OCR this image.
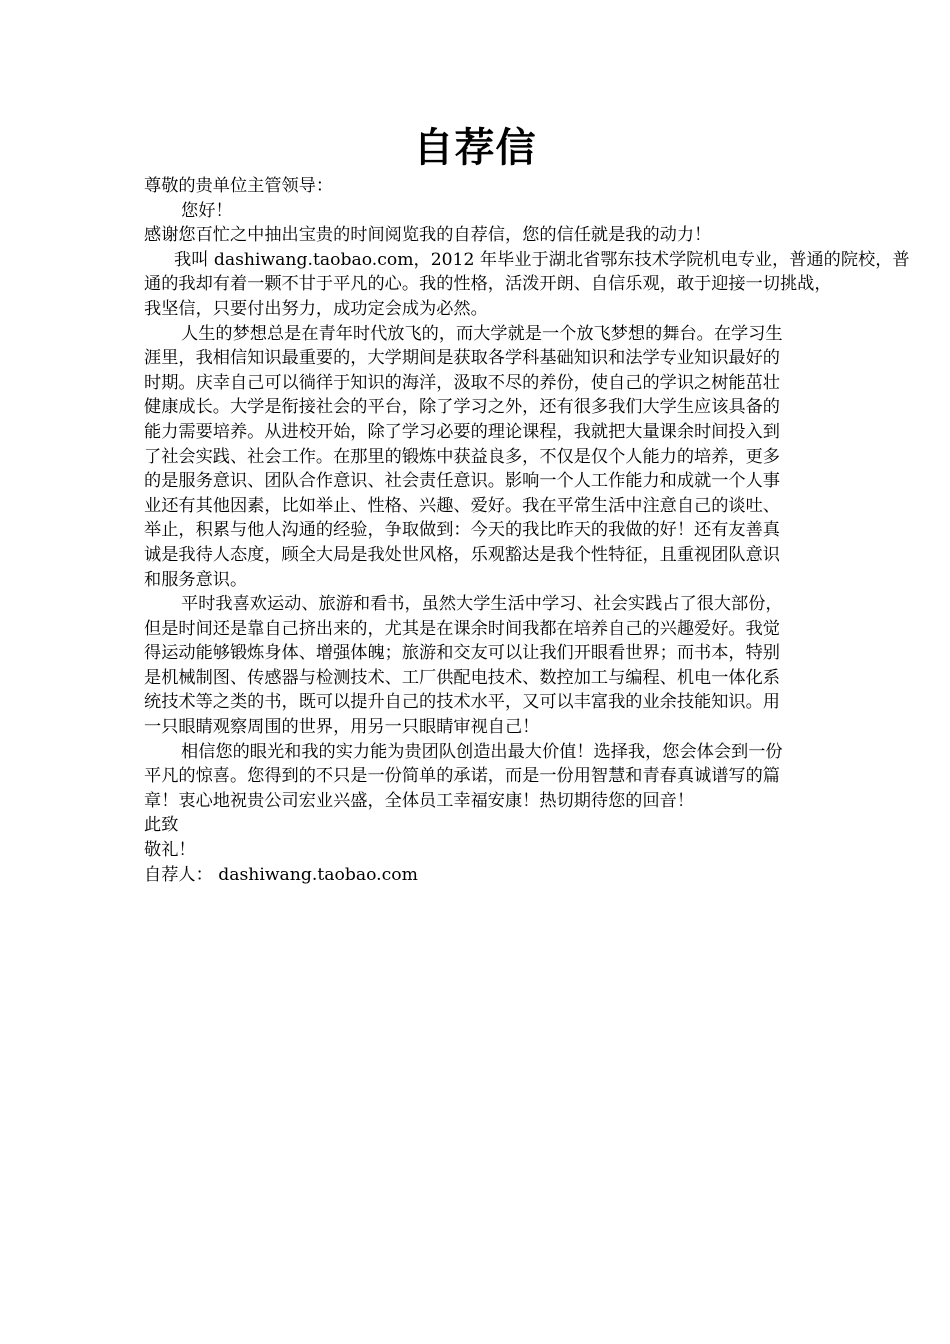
自荐信
尊敬的贵单位主管领导：
您好！
感谢您百忙之中抽出宝贵的时间阅览我的自荐信，您的信任就是我的动力！
我叫 dashiwang.taobao.com，2012 年毕业于湖北省鄂东技术学院机电专业，普通的院校，普
通的我却有着一颗不甘于平凡的心。我的性格，活泼开朗、自信乐观，敢于迎接一切挑战，
我坚信，只要付出努力，成功定会成为必然。
人生的梦想总是在青年时代放飞的，而大学就是一个放飞梦想的舞台。在学习生
涯里，我相信知识最重要的，大学期间是获取各学科基础知识和法学专业知识最好的
时期。庆幸自己可以徜徉于知识的海洋，汲取不尽的养份，使自己的学识之树能茁壮
健康成长。大学是衔接社会的平台，除了学习之外，还有很多我们大学生应该具备的
能力需要培养。从进校开始，除了学习必要的理论课程，我就把大量课余时间投入到
了社会实践、社会工作。在那里的锻炼中获益良多，不仅是仅个人能力的培养，更多
的是服务意识、团队合作意识、社会责任意识。影响一个人工作能力和成就一个人事
业还有其他因素，比如举止、性格、兴趣、爱好。我在平常生活中注意自己的谈吐、
举止，积累与他人沟通的经验，争取做到：今天的我比昨天的我做的好！还有友善真
诚是我待人态度，顾全大局是我处世风格，乐观豁达是我个性特征，且重视团队意识
和服务意识。
平时我喜欢运动、旅游和看书，虽然大学生活中学习、社会实践占了很大部份，
但是时间还是靠自己挤出来的，尤其是在课余时间我都在培养自己的兴趣爱好。我觉
得运动能够锻炼身体、增强体魄；旅游和交友可以让我们开眼看世界；而书本，特别
是机械制图、传感器与检测技术、工厂供配电技术、数控加工与编程、机电一体化系
统技术等之类的书，既可以提升自己的技术水平，又可以丰富我的业余技能知识。用
一只眼睛观察周围的世界，用另一只眼睛审视自己！
相信您的眼光和我的实力能为贵团队创造出最大价值！选择我，您会体会到一份
平凡的惊喜。您得到的不只是一份简单的承诺，而是一份用智慧和青春真诚谱写的篇
章！衷心地祝贵公司宏业兴盛，全体员工幸福安康！热切期待您的回音！
此致
敬礼！
自荐人： dashiwang.taobao.com
